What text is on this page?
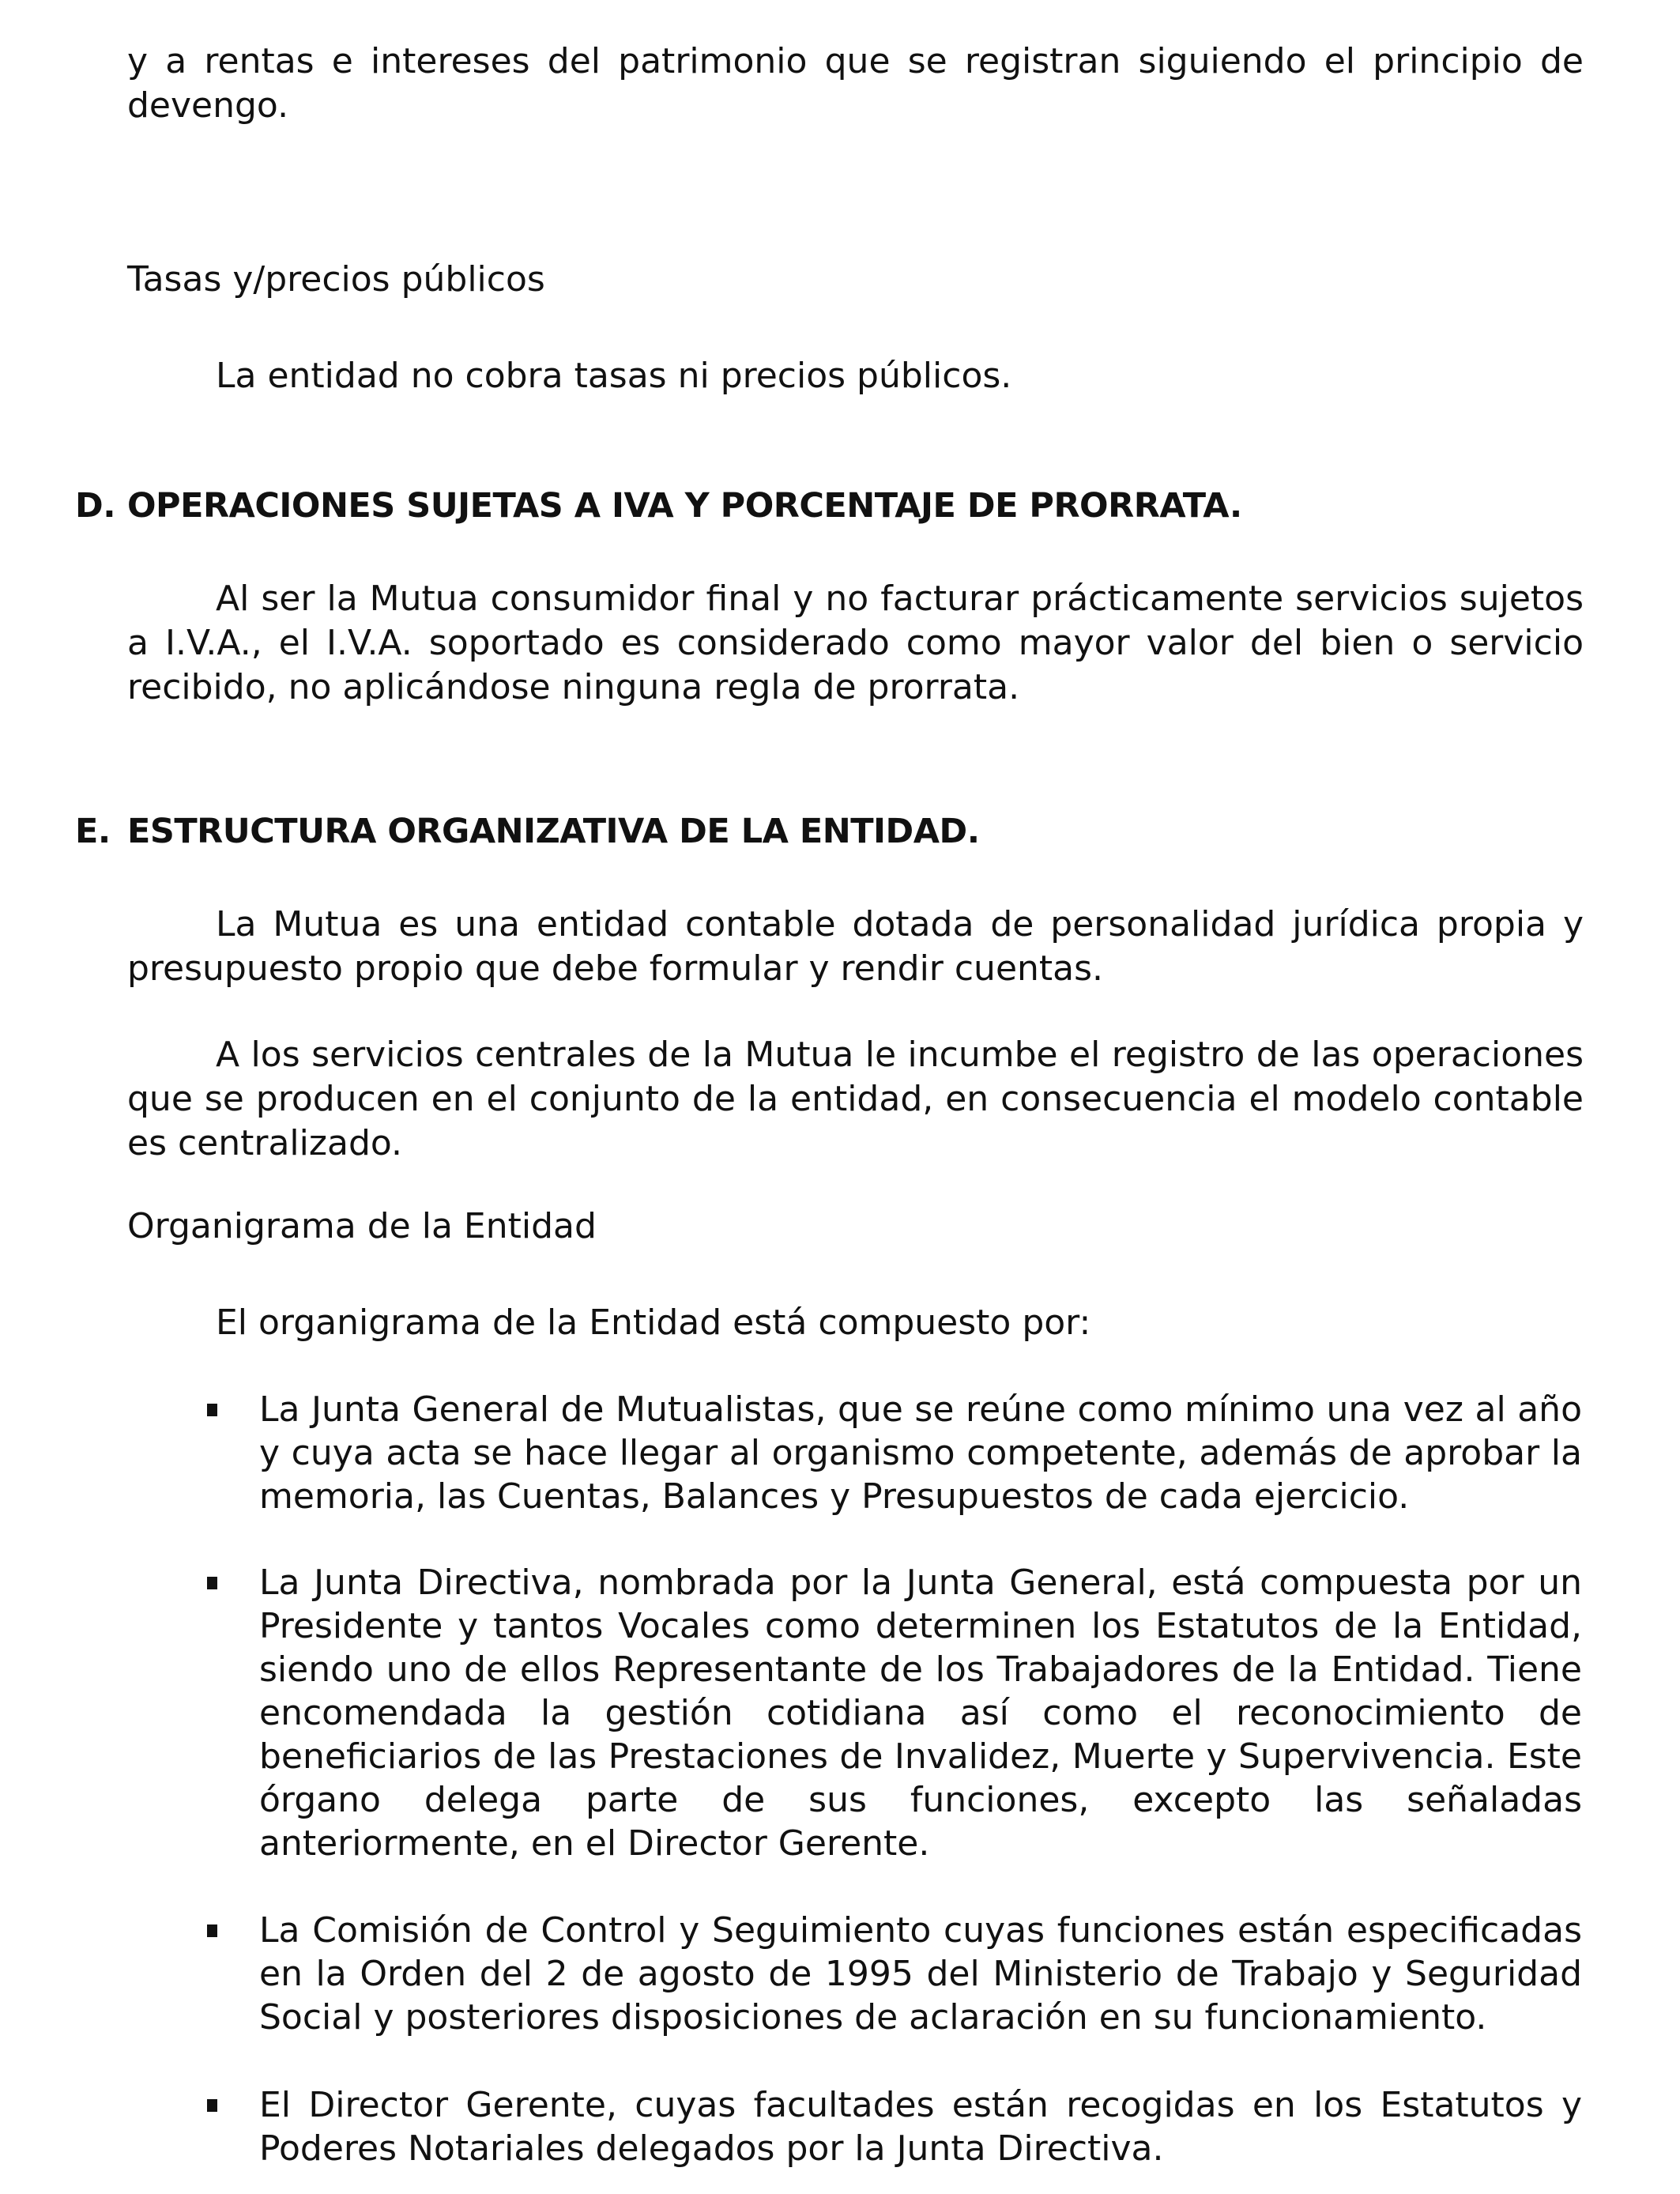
y a rentas e intereses del patrimonio que se registran siguiendo el principio de devengo.

Tasas y/precios públicos

La entidad no cobra tasas ni precios públicos.

D. OPERACIONES SUJETAS A IVA Y PORCENTAJE DE PRORRATA.

Al ser la Mutua consumidor final y no facturar prácticamente servicios sujetos a I.V.A., el I.V.A. soportado es considerado como mayor valor del bien o servicio recibido, no aplicándose ninguna regla de prorrata.

E. ESTRUCTURA ORGANIZATIVA DE LA ENTIDAD.

La Mutua es una entidad contable dotada de personalidad jurídica propia y presupuesto propio que debe formular y rendir cuentas.

A los servicios centrales de la Mutua le incumbe el registro de las operaciones que se producen en el conjunto de la entidad, en consecuencia el modelo contable es centralizado.

Organigrama de la Entidad

El organigrama de la Entidad está compuesto por:

La Junta General de Mutualistas, que se reúne como mínimo una vez al año y cuya acta se hace llegar al organismo competente, además de aprobar la memoria, las Cuentas, Balances y Presupuestos de cada ejercicio.

La Junta Directiva, nombrada por la Junta General, está compuesta por un Presidente y tantos Vocales como determinen los Estatutos de la Entidad, siendo uno de ellos Representante de los Trabajadores de la Entidad. Tiene encomendada la gestión cotidiana así como el reconocimiento de beneficiarios de las Prestaciones de Invalidez, Muerte y Supervivencia. Este órgano delega parte de sus funciones, excepto las señaladas anteriormente, en el Director Gerente.

La Comisión de Control y Seguimiento cuyas funciones están especificadas en la Orden del 2 de agosto de 1995 del Ministerio de Trabajo y Seguridad Social y posteriores disposiciones de aclaración en su funcionamiento.

El Director Gerente, cuyas facultades están recogidas en los Estatutos y Poderes Notariales delegados por la Junta Directiva.
